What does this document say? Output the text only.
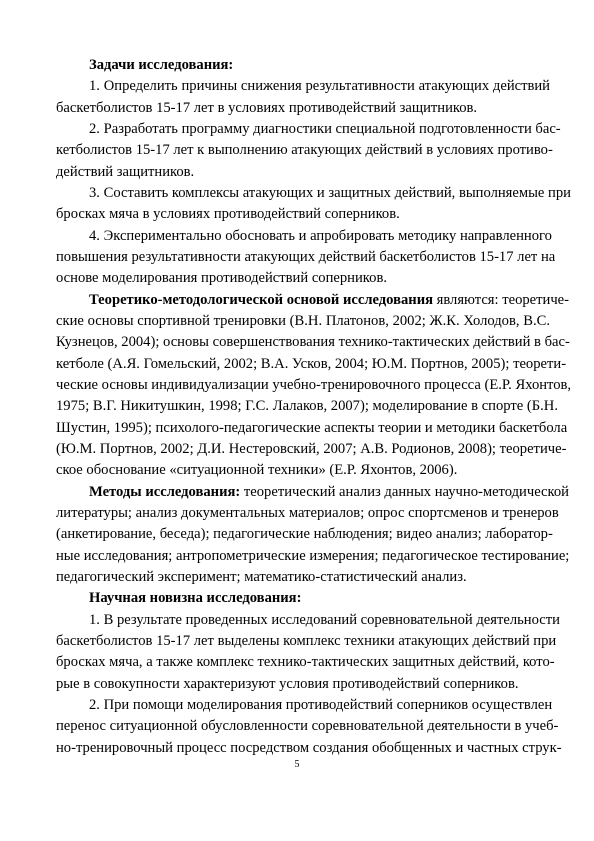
Задачи исследования:
1. Определить причины снижения результативности атакующих действий
баскетболистов 15-17 лет в условиях противодействий защитников.
2. Разработать программу диагностики специальной подготовленности бас-
кетболистов 15-17 лет к выполнению атакующих действий в условиях противо-
действий защитников.
3. Составить комплексы атакующих и защитных действий, выполняемые при
бросках мяча в условиях противодействий соперников.
4. Экспериментально обосновать и апробировать методику направленного
повышения результативности атакующих действий баскетболистов 15-17 лет на
основе моделирования противодействий соперников.
Теоретико-методологической основой исследования являются: теоретиче-
ские основы спортивной тренировки (В.Н. Платонов, 2002; Ж.К. Холодов, В.С.
Кузнецов, 2004); основы совершенствования технико-тактических действий в бас-
кетболе (А.Я. Гомельский, 2002; В.А. Усков, 2004; Ю.М. Портнов, 2005); теорети-
ческие основы индивидуализации учебно-тренировочного процесса (Е.Р. Яхонтов,
1975; В.Г. Никитушкин, 1998; Г.С. Лалаков, 2007); моделирование в спорте (Б.Н.
Шустин, 1995); психолого-педагогические аспекты теории и методики баскетбола
(Ю.М. Портнов, 2002; Д.И. Нестеровский, 2007; А.В. Родионов, 2008); теоретиче-
ское обоснование «ситуационной техники» (Е.Р. Яхонтов, 2006).
Методы исследования: теоретический анализ данных научно-методической
литературы; анализ документальных материалов; опрос спортсменов и тренеров
(анкетирование, беседа); педагогические наблюдения; видео анализ; лаборатор-
ные исследования; антропометрические измерения; педагогическое тестирование;
педагогический эксперимент; математико-статистический анализ.
Научная новизна исследования:
1. В результате проведенных исследований соревновательной деятельности
баскетболистов 15-17 лет выделены комплекс техники атакующих действий при
бросках мяча, а также комплекс технико-тактических защитных действий, кото-
рые в совокупности характеризуют условия противодействий соперников.
2. При помощи моделирования противодействий соперников осуществлен
перенос ситуационной обусловленности соревновательной деятельности в учеб-
но-тренировочный процесс посредством создания обобщенных и частных струк-
5
